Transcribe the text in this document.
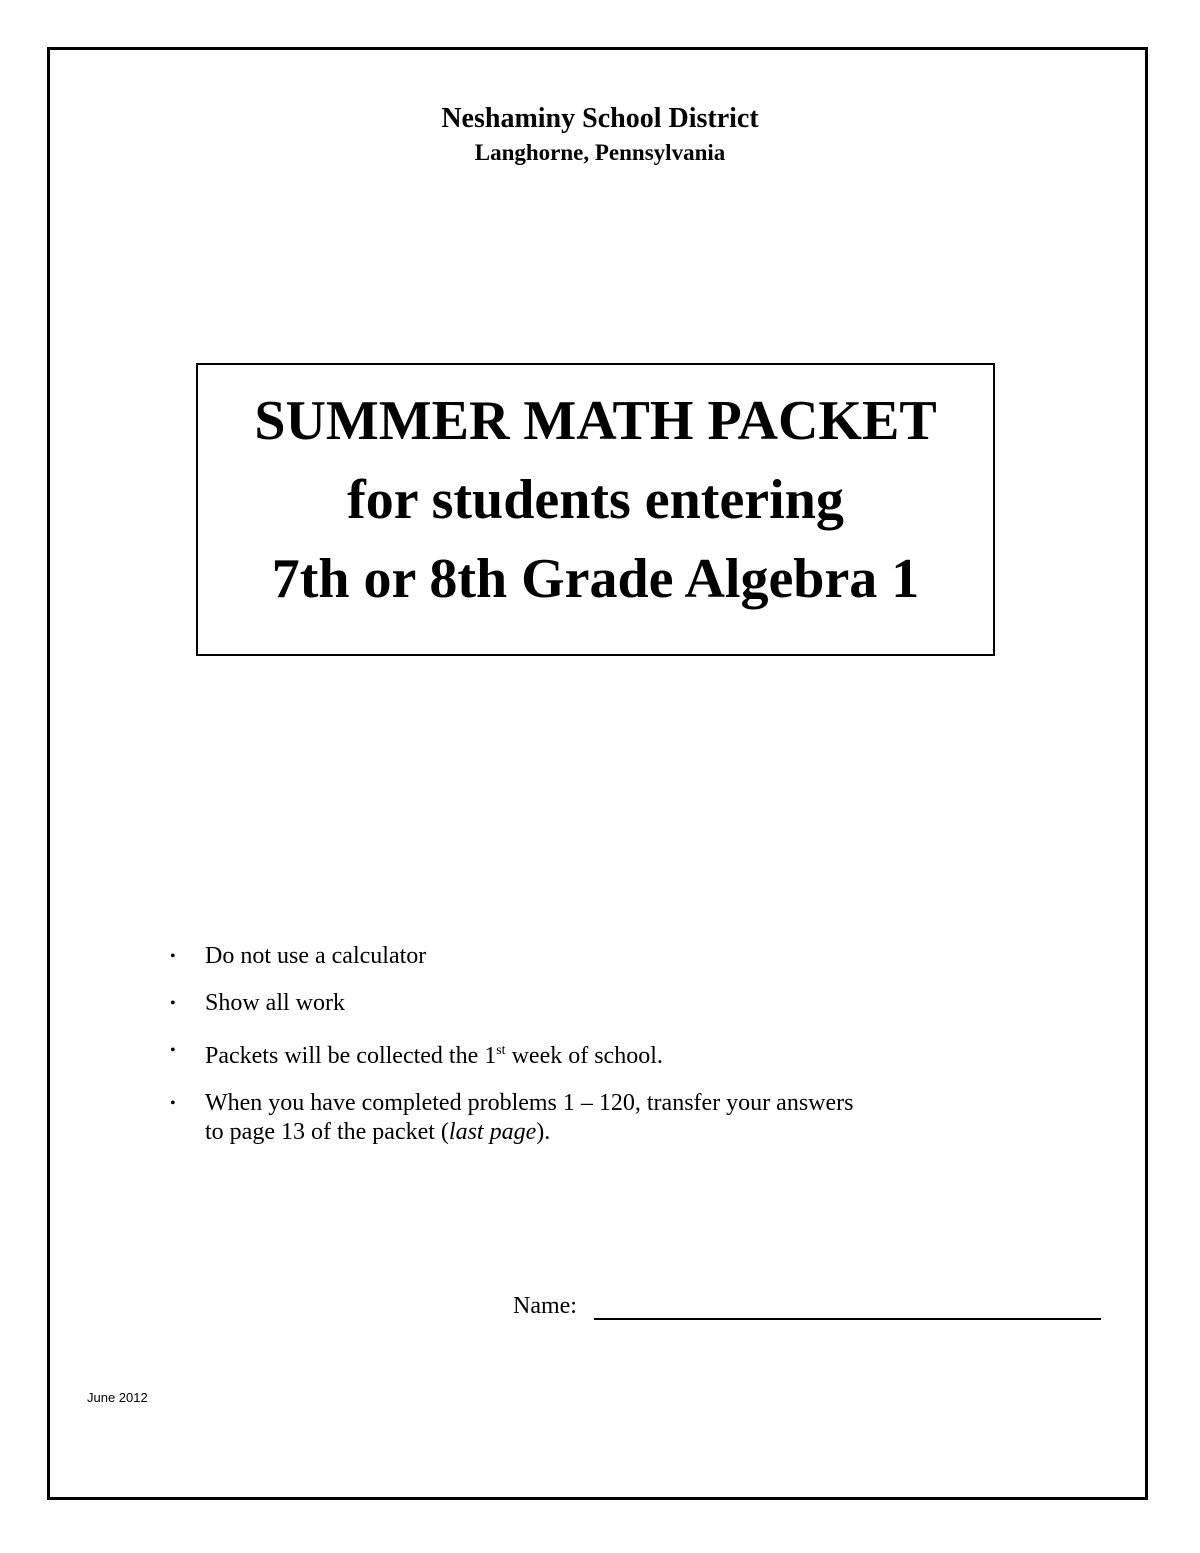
Neshaminy School District
Langhorne, Pennsylvania
SUMMER MATH PACKET
for students entering
7th or 8th Grade Algebra 1
• Do not use a calculator
• Show all work
• Packets will be collected the 1st week of school.
• When you have completed problems 1 – 120, transfer your answers
to page 13 of the packet (last page).
Name:
June 2012
